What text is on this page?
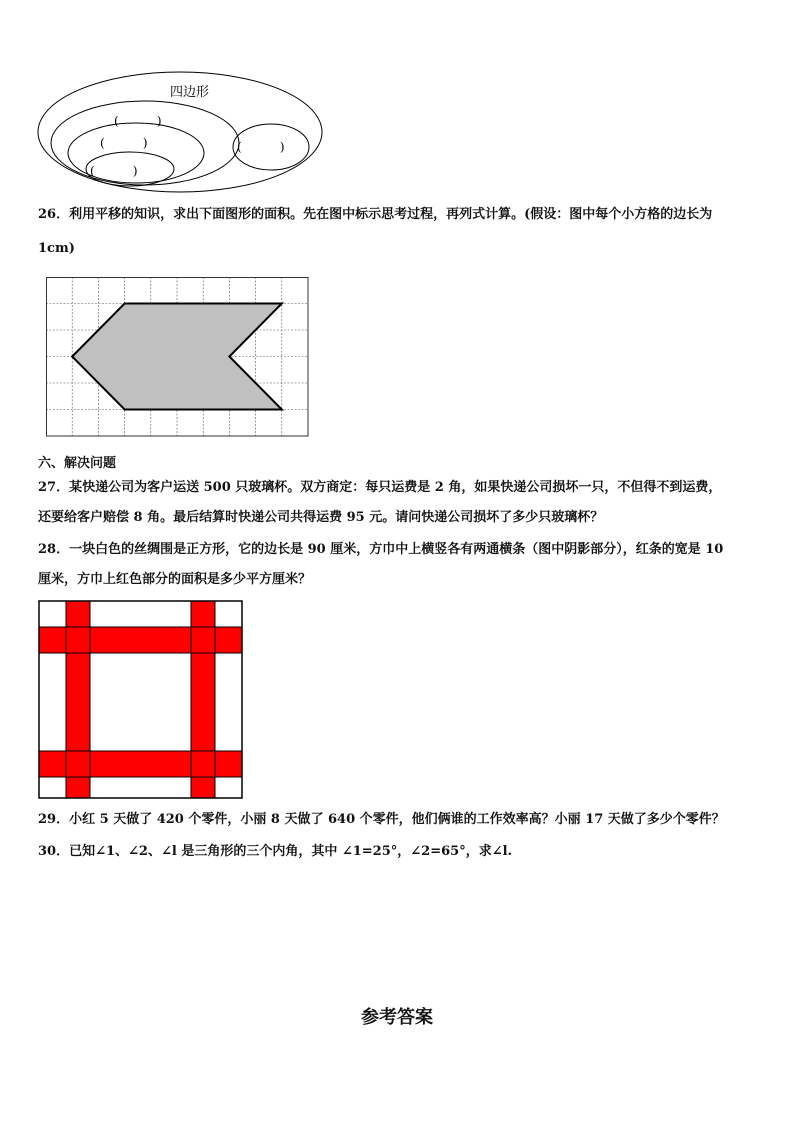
四边形
(          )
(          )
(          )
(          )
26．利用平移的知识，求出下面图形的面积。先在图中标示思考过程，再列式计算。(假设：图中每个小方格的边长为
1cm)
六、解决问题
27．某快递公司为客户运送 500 只玻璃杯。双方商定：每只运费是 2 角，如果快递公司损坏一只，不但得不到运费，
还要给客户赔偿 8 角。最后结算时快递公司共得运费 95 元。请问快递公司损坏了多少只玻璃杯？
28．一块白色的丝绸围是正方形，它的边长是 90 厘米，方巾中上横竖各有两通横条（图中阴影部分），红条的宽是 10
厘米，方巾上红色部分的面积是多少平方厘米？
29．小红 5 天做了 420 个零件，小丽 8 天做了 640 个零件，他们俩谁的工作效率高？小丽 17 天做了多少个零件？
30．已知∠1、∠2、∠l 是三角形的三个内角，其中 ∠1=25°，∠2=65°，求∠l.
参考答案
